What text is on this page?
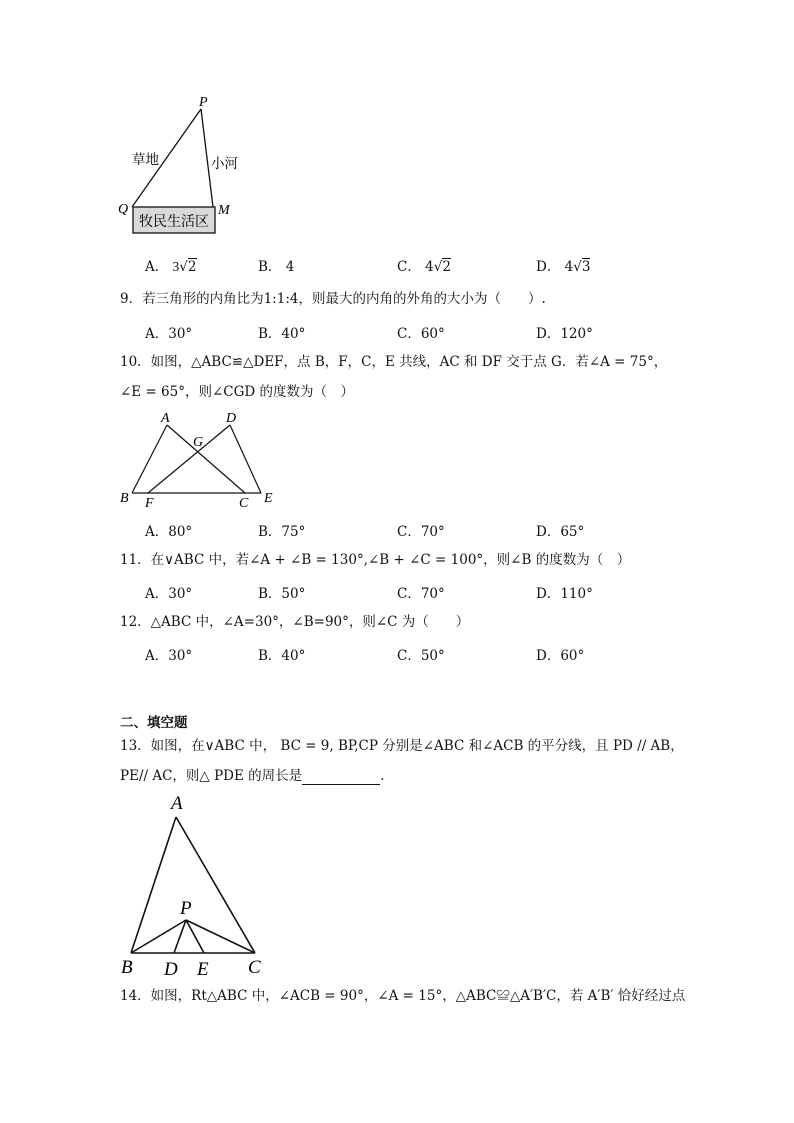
P
Q	M
草地	小河
牧民生活区
A． 3√2	B． 4	C． 4√2	D． 4√3
9．若三角形的内角比为1:1:4，则最大的内角的外角的大小为（　　）.
A．30°	B．40°	C．60°	D．120°
10．如图，△ABC≌△DEF，点 B，F，C，E 共线，AC 和 DF 交于点 G．若∠A = 75°，
∠E = 65°，则∠CGD 的度数为（　）
A	D
G
B F	C E
A．80°	B．75°	C．70°	D．65°
11．在∨ABC 中，若∠A + ∠B = 130°,∠B + ∠C = 100°，则∠B 的度数为（　）
A．30°	B．50°	C．70°	D．110°
12．△ABC 中，∠A=30°，∠B=90°，则∠C 为（　　）
A．30°	B．40°	C．50°	D．60°
二、填空题
13．如图，在∨ABC 中， BC = 9, BP,CP 分别是∠ABC 和∠ACB 的平分线，且 PD // AB，
PE// AC，则△ PDE 的周长是	.
A
P
B D E C
14．如图，Rt△ABC 中，∠ACB = 90°，∠A = 15°，△ABC≌△A′B′C，若 A′B′ 恰好经过点
